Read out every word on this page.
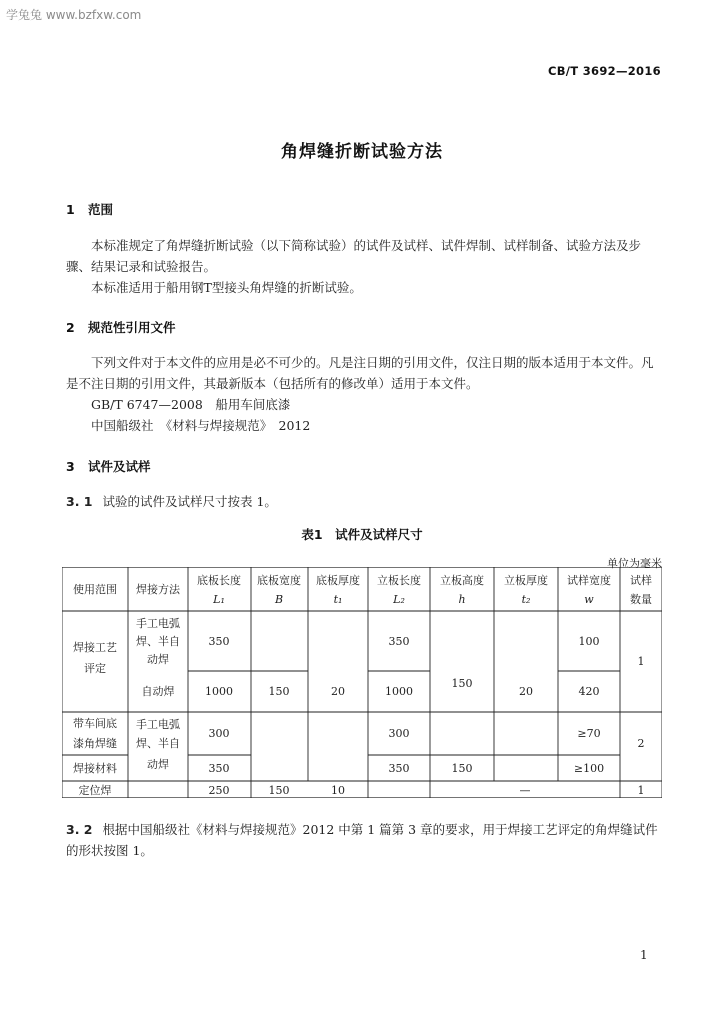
学兔兔 www.bzfxw.com
CB/T 3692—2016
角焊缝折断试验方法
1 范围
本标准规定了角焊缝折断试验（以下简称试验）的试件及试样、试件焊制、试样制备、试验方法及步骤、结果记录和试验报告。
本标准适用于船用钢T型接头角焊缝的折断试验。
2 规范性引用文件
下列文件对于本文件的应用是必不可少的。凡是注日期的引用文件，仅注日期的版本适用于本文件。凡是不注日期的引用文件，其最新版本（包括所有的修改单）适用于本文件。
GB/T 6747—2008　船用车间底漆
中国船级社　《材料与焊接规范》　2012
3 试件及试样
3. 1 试验的试件及试样尺寸按表 1。
表1　试件及试样尺寸
单位为毫米
使用范围 焊接方法
底板长度
L₁
底板宽度
B
底板厚度
t₁
立板长度
L₂
立板高度
h
立板厚度
t₂
试样宽度
w
试样
数量
焊接工艺
评定
带车间底
漆角焊缝
焊接材料
定位焊
手工电弧
焊、半自
动焊
自动焊
手工电弧
焊、半自
动焊
350
1000
300
350
250
150
150
20
10
350
1000
300
350
150
150
20
100
420
≥70
≥100
1
2
—	1
3. 2 根据中国船级社《材料与焊接规范》2012 中第 1 篇第 3 章的要求，用于焊接工艺评定的角焊缝试件的形状按图 1。
1
